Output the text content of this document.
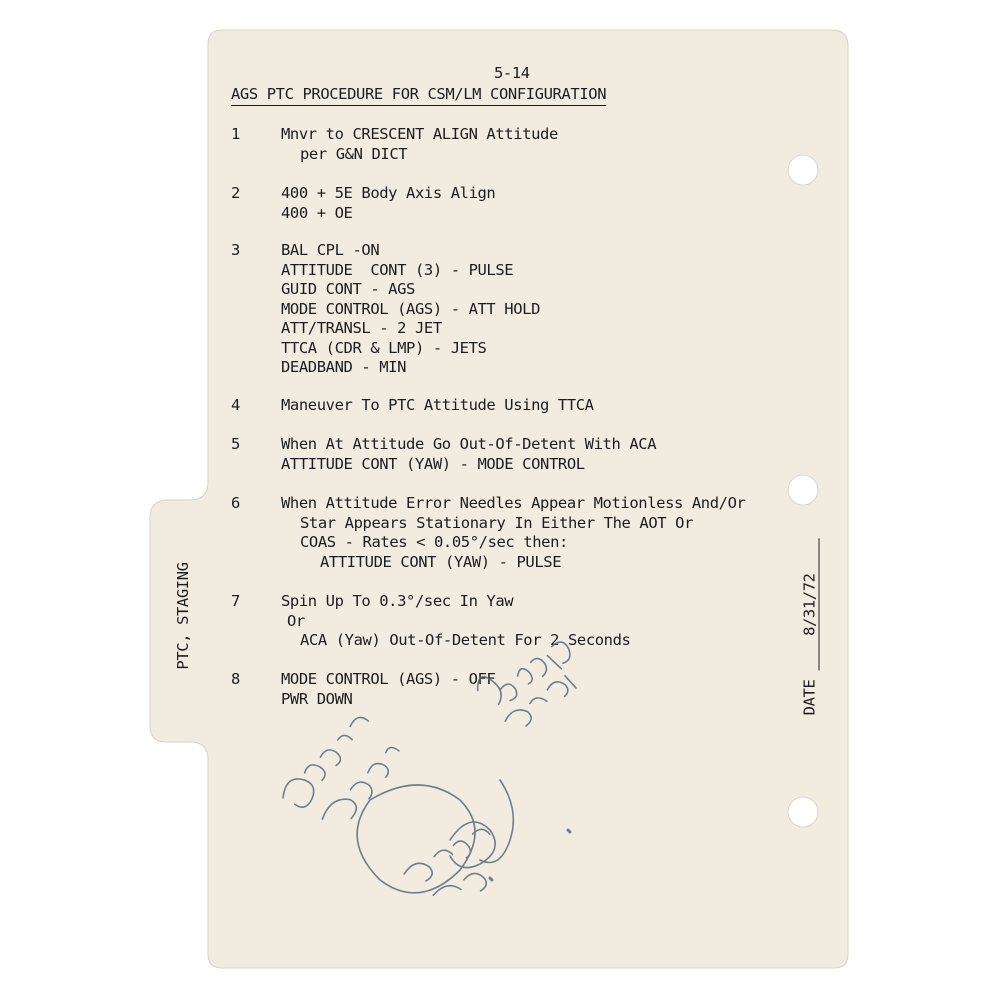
5-14
AGS PTC PROCEDURE FOR CSM/LM CONFIGURATION
1	Mnvr to CRESCENT ALIGN Attitude
per G&N DICT
2	400 + 5E Body Axis Align
400 + OE
3	BAL CPL -ON
ATTITUDE  CONT (3) - PULSE
GUID CONT - AGS
MODE CONTROL (AGS) - ATT HOLD
ATT/TRANSL - 2 JET
TTCA (CDR & LMP) - JETS
DEADBAND - MIN
4	Maneuver To PTC Attitude Using TTCA
5	When At Attitude Go Out-Of-Detent With ACA
ATTITUDE CONT (YAW) - MODE CONTROL
6	When Attitude Error Needles Appear Motionless And/Or
Star Appears Stationary In Either The AOT Or
COAS - Rates < 0.05°/sec then:
ATTITUDE CONT (YAW) - PULSE
7	Spin Up To 0.3°/sec In Yaw
Or
ACA (Yaw) Out-Of-Detent For 2 Seconds
8	MODE CONTROL (AGS) - OFF
PWR DOWN
PTC, STAGING
DATE 8/31/72
